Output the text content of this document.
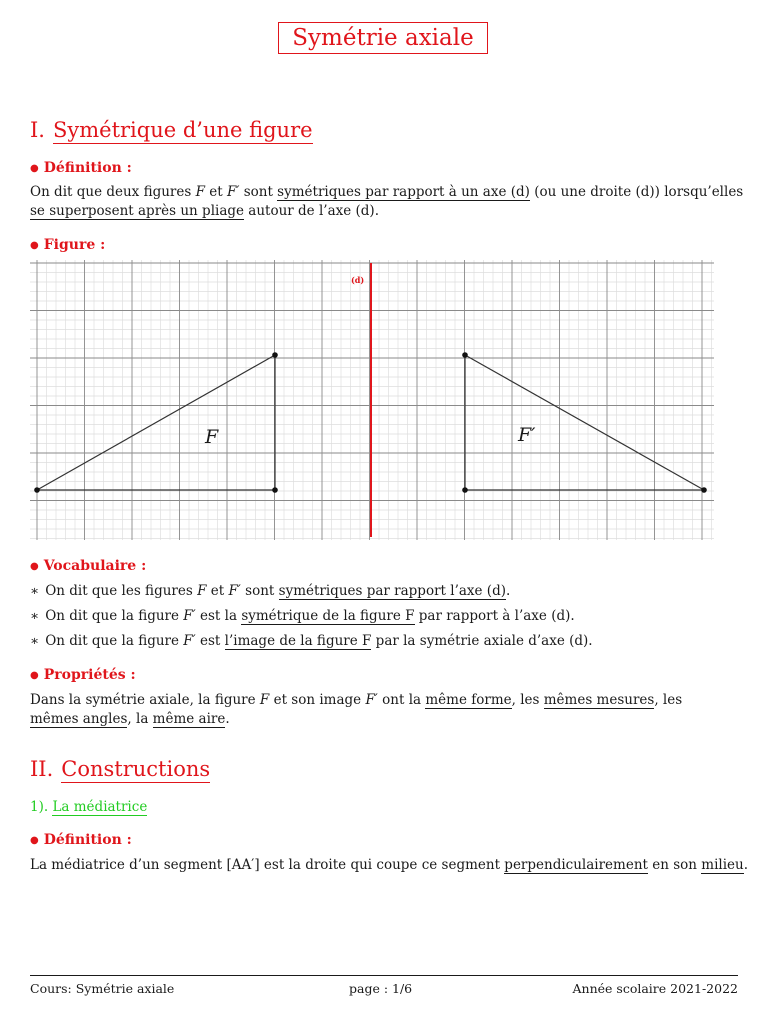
Symétrie axiale
I. Symétrique d’une figure
● Définition :
On dit que deux figures F et F′ sont symétriques par rapport à un axe (d) (ou une droite (d)) lorsqu’elles
se superposent après un pliage autour de l’axe (d).
● Figure :
(d)
F	F′
● Vocabulaire :
∗ On dit que les figures F et F′ sont symétriques par rapport l’axe (d).
∗ On dit que la figure F′ est la symétrique de la figure F par rapport à l’axe (d).
∗ On dit que la figure F′ est l’image de la figure F par la symétrie axiale d’axe (d).
● Propriétés :
Dans la symétrie axiale, la figure F et son image F′ ont la même forme, les mêmes mesures, les
mêmes angles, la même aire.
II. Constructions
1). La médiatrice
● Définition :
La médiatrice d’un segment [AA′] est la droite qui coupe ce segment perpendiculairement en son milieu.
Cours: Symétrie axiale	page : 1/6	Année scolaire 2021-2022
